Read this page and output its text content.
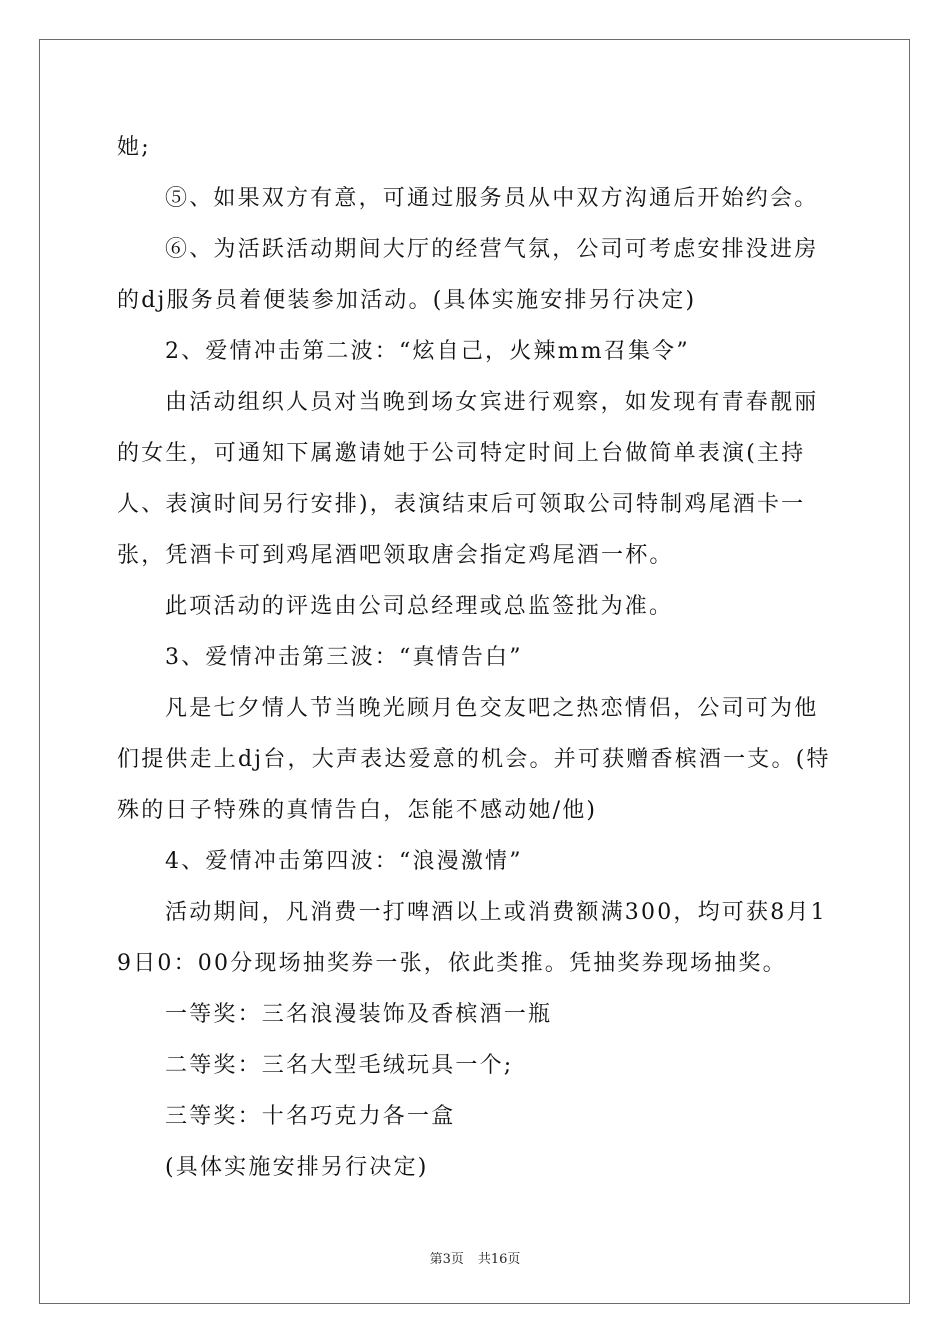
她;

⑤、如果双方有意，可通过服务员从中双方沟通后开始约会。

⑥、为活跃活动期间大厅的经营气氛，公司可考虑安排没进房的dj服务员着便装参加活动。(具体实施安排另行决定)

2、爱情冲击第二波：“炫自己，火辣mm召集令”

由活动组织人员对当晚到场女宾进行观察，如发现有青春靓丽的女生，可通知下属邀请她于公司特定时间上台做简单表演(主持人、表演时间另行安排)，表演结束后可领取公司特制鸡尾酒卡一张，凭酒卡可到鸡尾酒吧领取唐会指定鸡尾酒一杯。

此项活动的评选由公司总经理或总监签批为准。

3、爱情冲击第三波：“真情告白”

凡是七夕情人节当晚光顾月色交友吧之热恋情侣，公司可为他们提供走上dj台，大声表达爱意的机会。并可获赠香槟酒一支。(特殊的日子特殊的真情告白，怎能不感动她/他)

4、爱情冲击第四波：“浪漫激情”

活动期间，凡消费一打啤酒以上或消费额满300，均可获8月19日0：00分现场抽奖券一张，依此类推。凭抽奖券现场抽奖。

一等奖：三名浪漫装饰及香槟酒一瓶

二等奖：三名大型毛绒玩具一个;

三等奖：十名巧克力各一盒

(具体实施安排另行决定)

第3页 共16页
